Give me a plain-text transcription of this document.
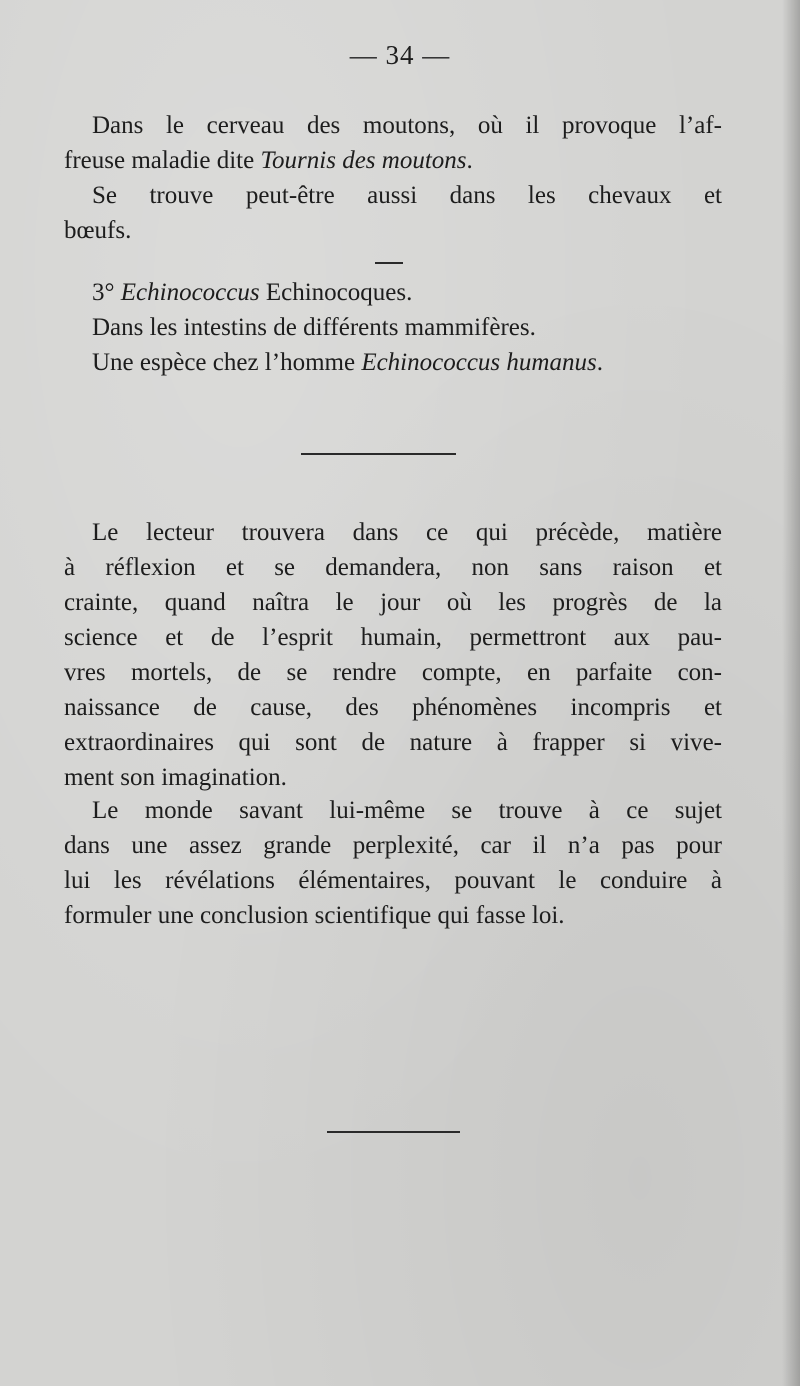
— 34 —
Dans le cerveau des moutons, où il provoque l’af-
freuse maladie dite Tournis des moutons.
Se trouve peut-être aussi dans les chevaux et
bœufs.
3° Echinococcus Echinocoques.
Dans les intestins de différents mammifères.
Une espèce chez l’homme Echinococcus humanus.
Le lecteur trouvera dans ce qui précède, matière
à réflexion et se demandera, non sans raison et
crainte, quand naîtra le jour où les progrès de la
science et de l’esprit humain, permettront aux pau-
vres mortels, de se rendre compte, en parfaite con-
naissance de cause, des phénomènes incompris et
extraordinaires qui sont de nature à frapper si vive-
ment son imagination.
Le monde savant lui-même se trouve à ce sujet
dans une assez grande perplexité, car il n’a pas pour
lui les révélations élémentaires, pouvant le conduire à
formuler une conclusion scientifique qui fasse loi.
